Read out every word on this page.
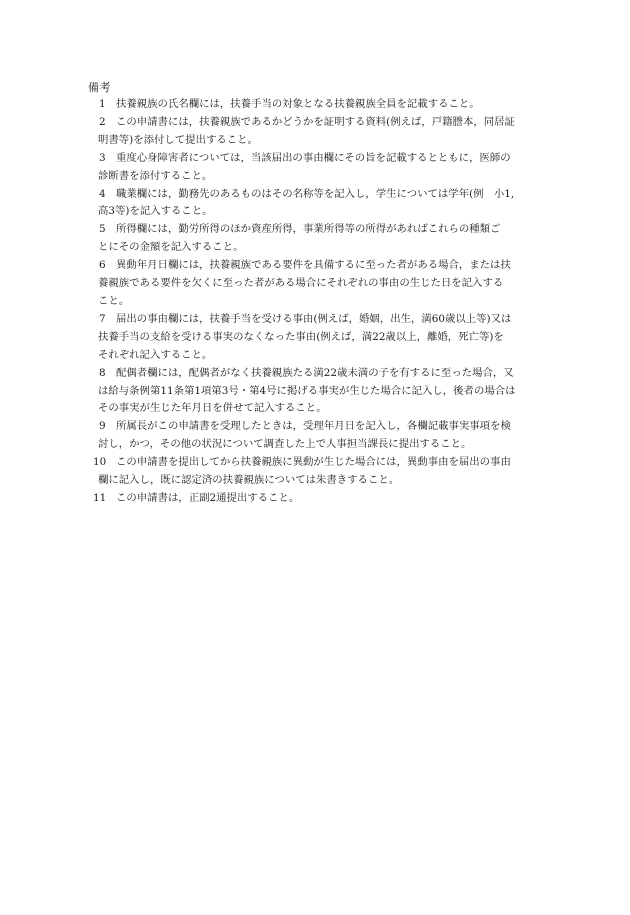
備考
1 扶養親族の氏名欄には，扶養手当の対象となる扶養親族全員を記載すること。
2 この申請書には，扶養親族であるかどうかを証明する資料(例えば，戸籍謄本，同居証
明書等)を添付して提出すること。
3 重度心身障害者については，当該届出の事由欄にその旨を記載するとともに，医師の
診断書を添付すること。
4 職業欄には，勤務先のあるものはその名称等を記入し，学生については学年(例　小1,
高3等)を記入すること。
5 所得欄には，勤労所得のほか資産所得，事業所得等の所得があればこれらの種類ご
とにその金額を記入すること。
6 異動年月日欄には，扶養親族である要件を具備するに至った者がある場合，または扶
養親族である要件を欠くに至った者がある場合にそれぞれの事由の生じた日を記入する
こと。
7 届出の事由欄には，扶養手当を受ける事由(例えば，婚姻，出生，満60歳以上等)又は
扶養手当の支給を受ける事実のなくなった事由(例えば，満22歳以上，離婚，死亡等)を
それぞれ記入すること。
8 配偶者欄には，配偶者がなく扶養親族たる満22歳未満の子を有するに至った場合，又
は給与条例第11条第1項第3号・第4号に掲げる事実が生じた場合に記入し，後者の場合は
その事実が生じた年月日を併せて記入すること。
9 所属長がこの申請書を受理したときは，受理年月日を記入し，各欄記載事実事項を検
討し，かつ，その他の状況について調査した上で人事担当課長に提出すること。
10 この申請書を提出してから扶養親族に異動が生じた場合には，異動事由を届出の事由
欄に記入し，既に認定済の扶養親族については朱書きすること。
11 この申請書は，正副2通提出すること。
